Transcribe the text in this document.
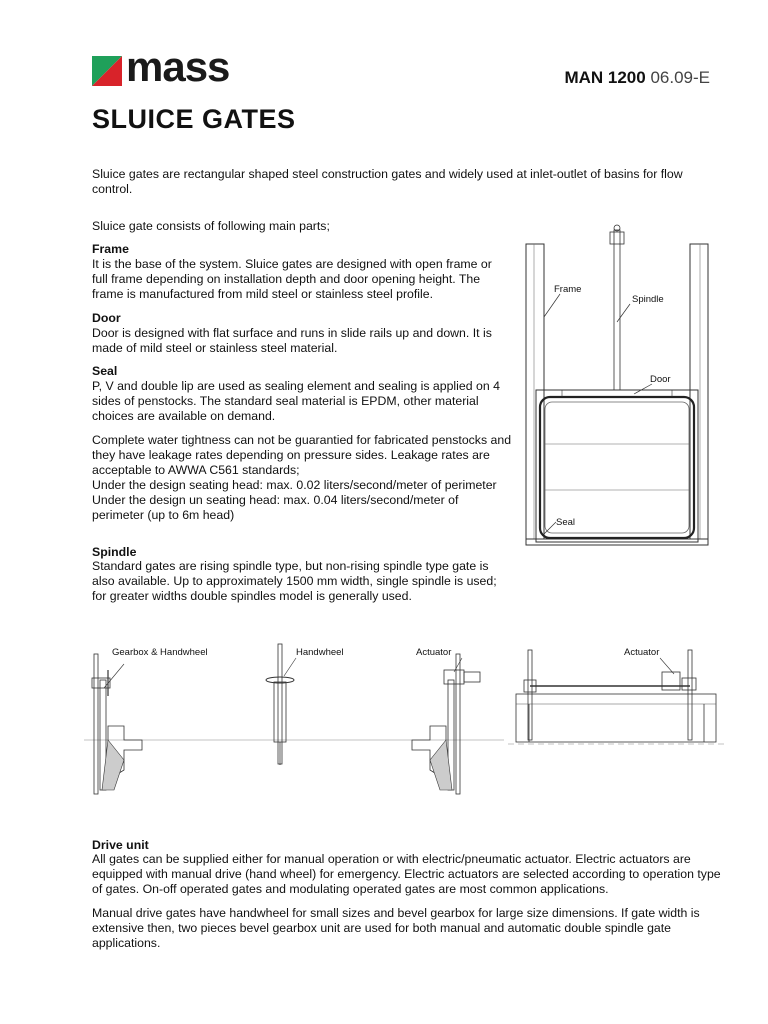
mass	MAN 1200 06.09-E
SLUICE GATES

Sluice gates are rectangular shaped steel construction gates and widely used at inlet-outlet of basins for flow control.

Sluice gate consists of following main parts;

Frame

It is the base of the system. Sluice gates are designed with open frame or full frame depending on installation depth and door opening height. The frame is manufactured from mild steel or stainless steel profile.

Door

Door is designed with flat surface and runs in slide rails up and down. It is made of mild steel or stainless steel material.

Seal

P, V and double lip are used as sealing element and sealing is applied on 4 sides of penstocks. The standard seal material is EPDM, other material choices are available on demand.

Complete water tightness can not be guarantied for fabricated penstocks and they have leakage rates depending on pressure sides. Leakage rates are acceptable to AWWA C561 standards;

Under the design seating head: max. 0.02 liters/second/meter of perimeter

Under the design un seating head: max. 0.04 liters/second/meter of perimeter (up to 6m head)

Spindle

Standard gates are rising spindle type, but non-rising spindle type gate is also available. Up to approximately 1500 mm width, single spindle is used; for greater widths double spindles model is generally used.

Frame
Spindle
Door
Seal
Gearbox & Handwheel	Handwheel	Actuator	Actuator

Drive unit

All gates can be supplied either for manual operation or with electric/pneumatic actuator. Electric actuators are equipped with manual drive (hand wheel) for emergency. Electric actuators are selected according to operation type of gates. On-off operated gates and modulating operated gates are most common applications.

Manual drive gates have handwheel for small sizes and bevel gearbox for large size dimensions. If gate width is extensive then, two pieces bevel gearbox unit are used for both manual and automatic double spindle gate applications.
